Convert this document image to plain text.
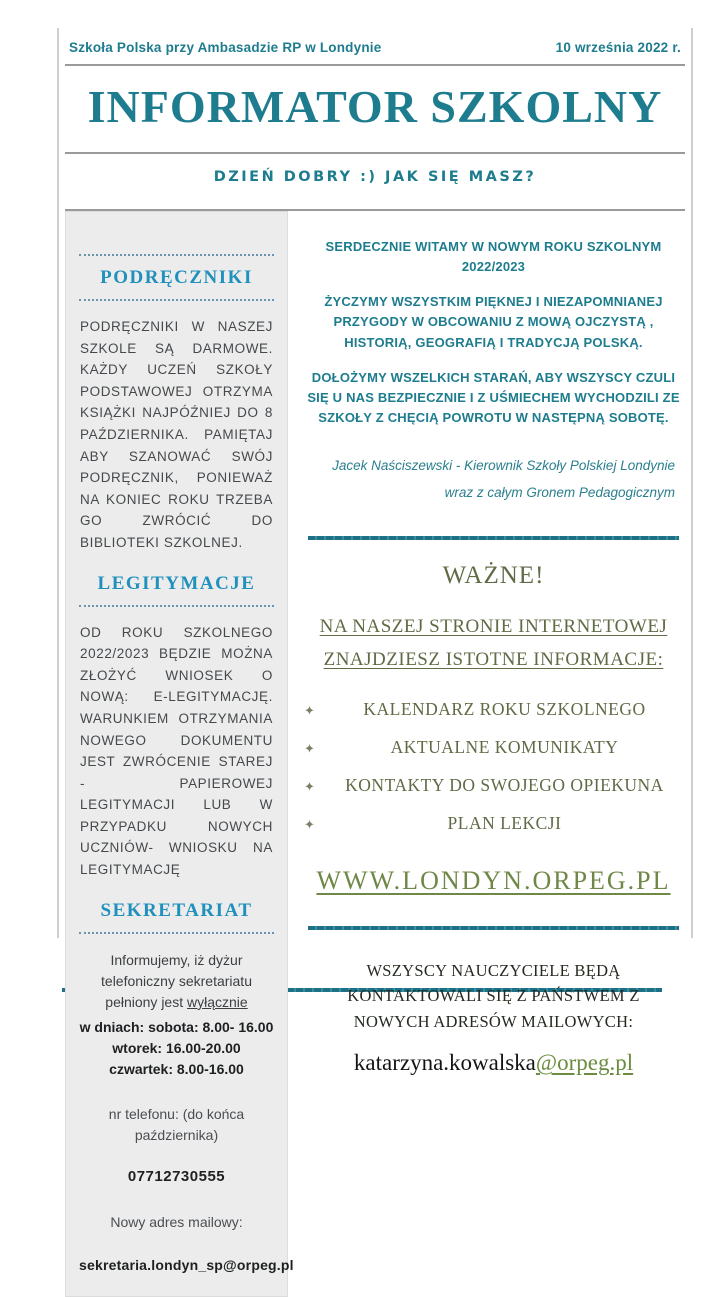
Szkoła Polska przy Ambasadzie RP w Londynie	10 września 2022 r.
INFORMATOR SZKOLNY
DZIEŃ DOBRY :) JAK SIĘ MASZ?
PODRĘCZNIKI
PODRĘCZNIKI W NASZEJ SZKOLE SĄ DARMOWE. KAŻDY UCZEŃ SZKOŁY PODSTAWOWEJ OTRZYMA KSIĄŻKI NAJPÓŹNIEJ DO 8 PAŹDZIERNIKA. PAMIĘTAJ ABY SZANOWAĆ SWÓJ PODRĘCZNIK, PONIEWAŻ NA KONIEC ROKU TRZEBA GO ZWRÓCIĆ DO BIBLIOTEKI SZKOLNEJ.
LEGITYMACJE
OD ROKU SZKOLNEGO 2022/2023 BĘDZIE MOŻNA ZŁOŻYĆ WNIOSEK O NOWĄ: E-LEGITYMACJĘ. WARUNKIEM OTRZYMANIA NOWEGO DOKUMENTU JEST ZWRÓCENIE STAREJ - PAPIEROWEJ LEGITYMACJI LUB W PRZYPADKU NOWYCH UCZNIÓW- WNIOSKU NA LEGITYMACJĘ
SEKRETARIAT
Informujemy, iż dyżur telefoniczny sekretariatu pełniony jest wyłącznie
w dniach: sobota: 8.00- 16.00 wtorek: 16.00-20.00 czwartek: 8.00-16.00
nr telefonu: (do końca października)
07712730555
Nowy adres mailowy:
sekretaria.londyn_sp@orpeg.pl

SERDECZNIE WITAMY W NOWYM ROKU SZKOLNYM 2022/2023

ŻYCZYMY WSZYSTKIM PIĘKNEJ I NIEZAPOMNIANEJ PRZYGODY W OBCOWANIU Z MOWĄ OJCZYSTĄ , HISTORIĄ, GEOGRAFIĄ I TRADYCJĄ POLSKĄ.

DOŁOŻYMY WSZELKICH STARAŃ, ABY WSZYSCY CZULI SIĘ U NAS BEZPIECZNIE I Z UŚMIECHEM WYCHODZILI ZE SZKOŁY Z CHĘCIĄ POWROTU W NASTĘPNĄ SOBOTĘ.

Jacek Naściszewski - Kierownik Szkoły Polskiej Londynie
wraz z całym Gronem Pedagogicznym
WAŻNE!
NA NASZEJ STRONIE INTERNETOWEJ ZNAJDZIESZ ISTOTNE INFORMACJE:
✦	KALENDARZ ROKU SZKOLNEGO
✦	AKTUALNE KOMUNIKATY
✦	KONTAKTY DO SWOJEGO OPIEKUNA
✦	PLAN LEKCJI
WWW.LONDYN.ORPEG.PL
WSZYSCY NAUCZYCIELE BĘDĄ KONTAKTOWALI SIĘ Z PAŃSTWEM Z NOWYCH ADRESÓW MAILOWYCH:
katarzyna.kowalska@orpeg.pl
